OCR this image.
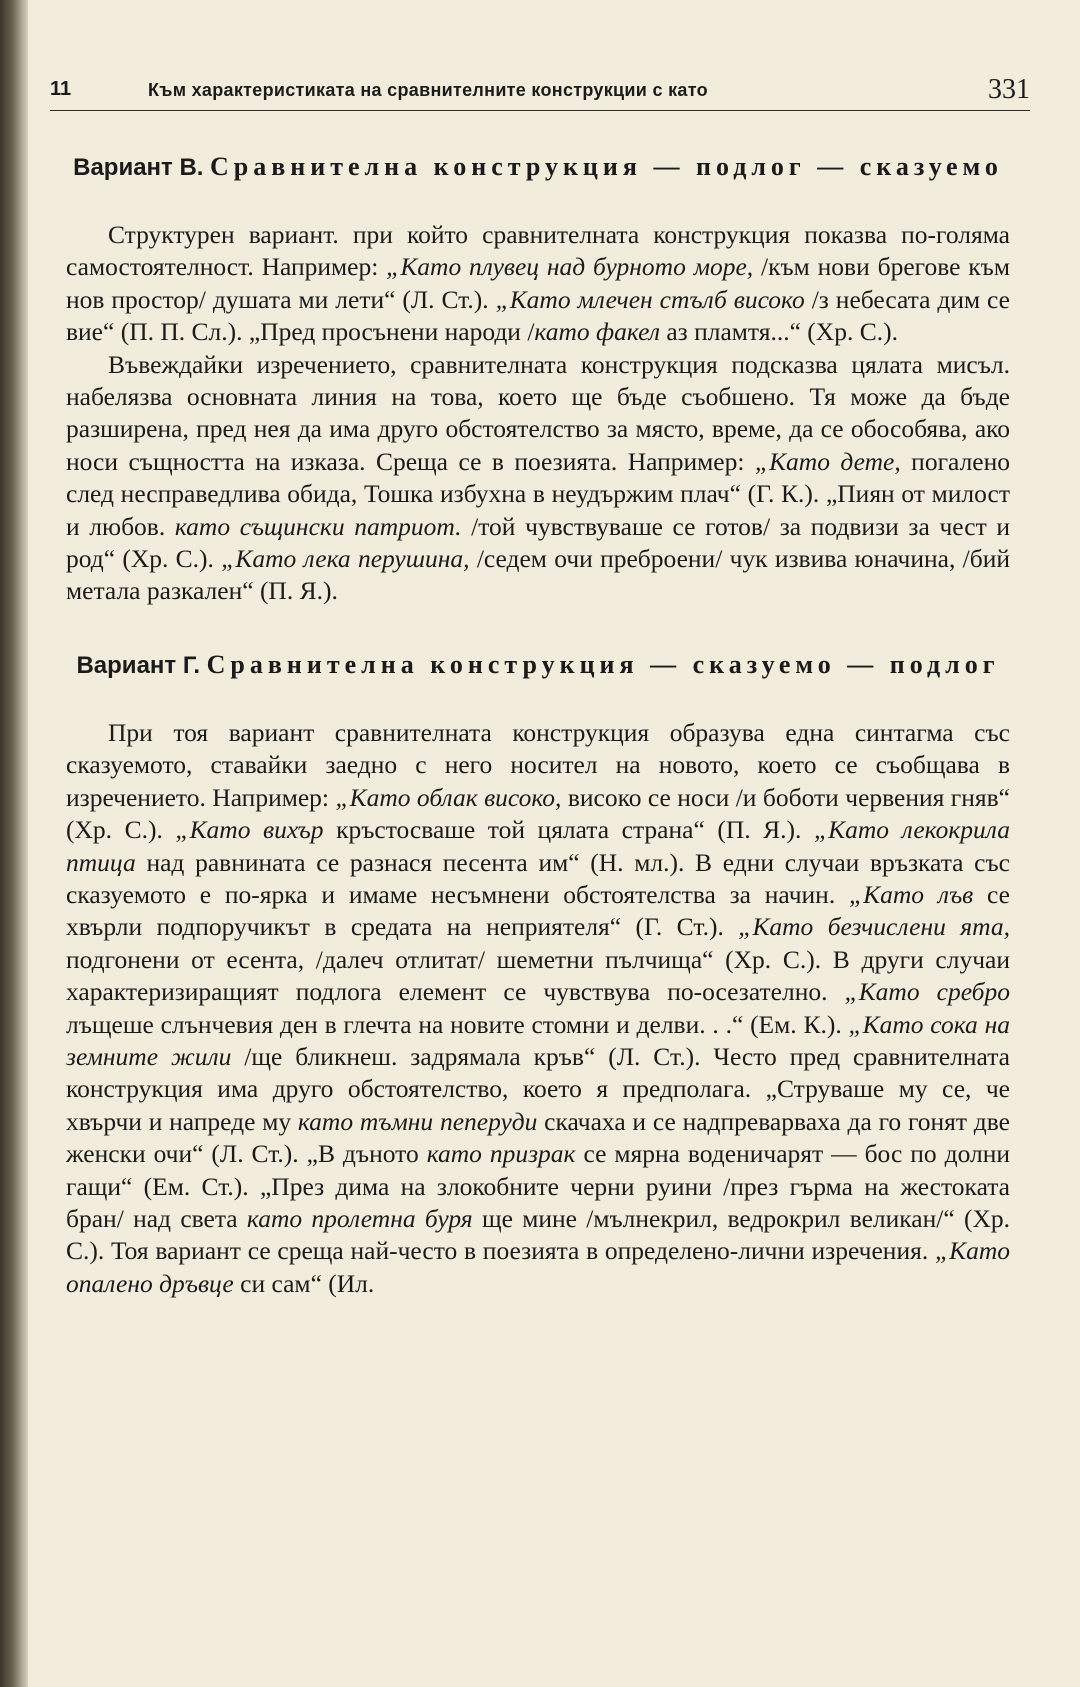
11	Към характеристиката на сравнителните конструкции с като	331
Вариант В. Сравнителна конструкция — подлог — сказуемо

Структурен вариант. при който сравнителната конструкция показва по-голяма самостоятелност. Например: „Като плувец над бурното море, /към нови брегове към нов простор/ душата ми лети“ (Л. Ст.). „Като млечен стълб високо /з небесата дим се вие“ (П. П. Сл.). „Пред просънени народи /като факел аз пламтя...“ (Хр. С.).

Въвеждайки изречението, сравнителната конструкция подсказва цялата мисъл. набелязва основната линия на това, което ще бъде съобшено. Тя може да бъде разширена, пред нея да има друго обстоятелство за място, време, да се обособява, ако носи същността на изказа. Среща се в поезията. Например: „Като дете, погалено след несправедлива обида, Тошка избухна в неудържим плач“ (Г. К.). „Пиян от милост и любов. като същински патриот. /той чувствуваше се готов/ за подвизи за чест и род“ (Хр. С.). „Като лека перушина, /седем очи преброени/ чук извива юначина, /бий метала разкален“ (П. Я.).

Вариант Г. Сравнителна конструкция — сказуемо — подлог

При тоя вариант сравнителната конструкция образува една синтагма със сказуемото, ставайки заедно с него носител на новото, което се съобщава в изречението. Например: „Като облак високо, високо се носи /и боботи червения гняв“ (Хр. С.). „Като вихър кръстосваше той цялата страна“ (П. Я.). „Като лекокрила птица над равнината се разнася песента им“ (Н. мл.). В едни случаи връзката със сказуемото е по-ярка и имаме несъмнени обстоятелства за начин. „Като лъв се хвърли подпоручикът в средата на неприятеля“ (Г. Ст.). „Като безчислени ята, подгонени от есента, /далеч отлитат/ шеметни пълчища“ (Хр. С.). В други случаи характеризиращият подлога елемент се чувствува по-осезателно. „Като сребро лъщеше слънчевия ден в глечта на новите стомни и делви. . .“ (Ем. К.). „Като сока на земните жили /ще бликнеш. задрямала кръв“ (Л. Ст.). Често пред сравнителната конструкция има друго обстоятелство, което я предполага. „Струваше му се, че хвърчи и напреде му като тъмни пеперуди скачаха и се надпреварваха да го гонят две женски очи“ (Л. Ст.). „В дъното като призрак се мярна воденичарят — бос по долни гащи“ (Ем. Ст.). „През дима на злокобните черни руини /през гърма на жестоката бран/ над света като пролетна буря ще мине /мълнекрил, ведрокрил великан/“ (Хр. С.). Тоя вариант се среща най-често в поезията в определено-лични изречения. „Като опалено дръвце си сам“ (Ил.
